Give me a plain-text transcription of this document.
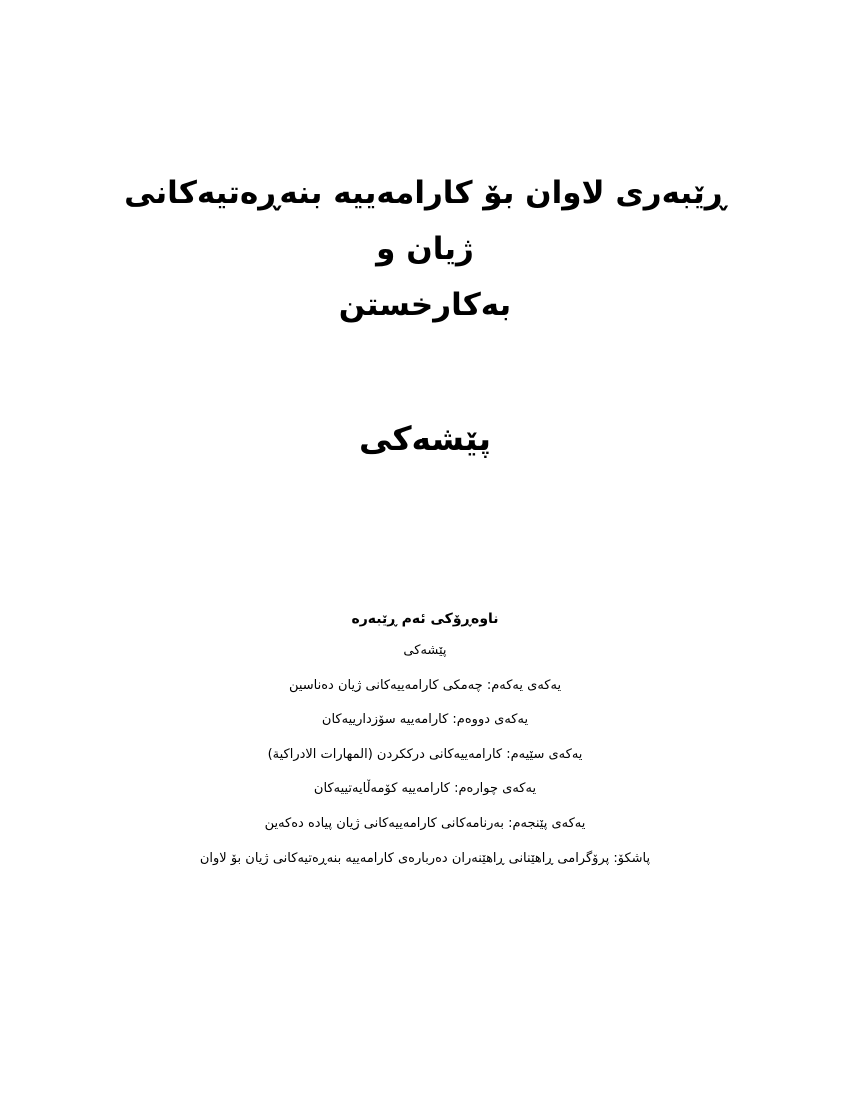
ڕێبەری لاوان بۆ کارامەییە بنەڕەتیەکانی ژیان و
بەکارخستن
پێشەکی
ناوەڕۆکی ئەم ڕێبەرە
پێشەکی
یەکەی یەکەم: چەمکی کارامەییەکانی ژیان دەناسین
یەکەی دووەم: کارامەییە سۆزدارییەکان
یەکەی سێیەم: کارامەییەکانی درککردن (المهارات الادراكية)
یەکەی چوارەم: کارامەییە کۆمەڵایەتییەکان
یەکەی پێنجەم: بەرنامەکانی کارامەییەکانی ژیان پیادە دەکەین
پاشکۆ: پرۆگرامی ڕاهێنانی ڕاهێنەران دەربارەی کارامەییە بنەڕەتیەکانی ژیان بۆ لاوان
